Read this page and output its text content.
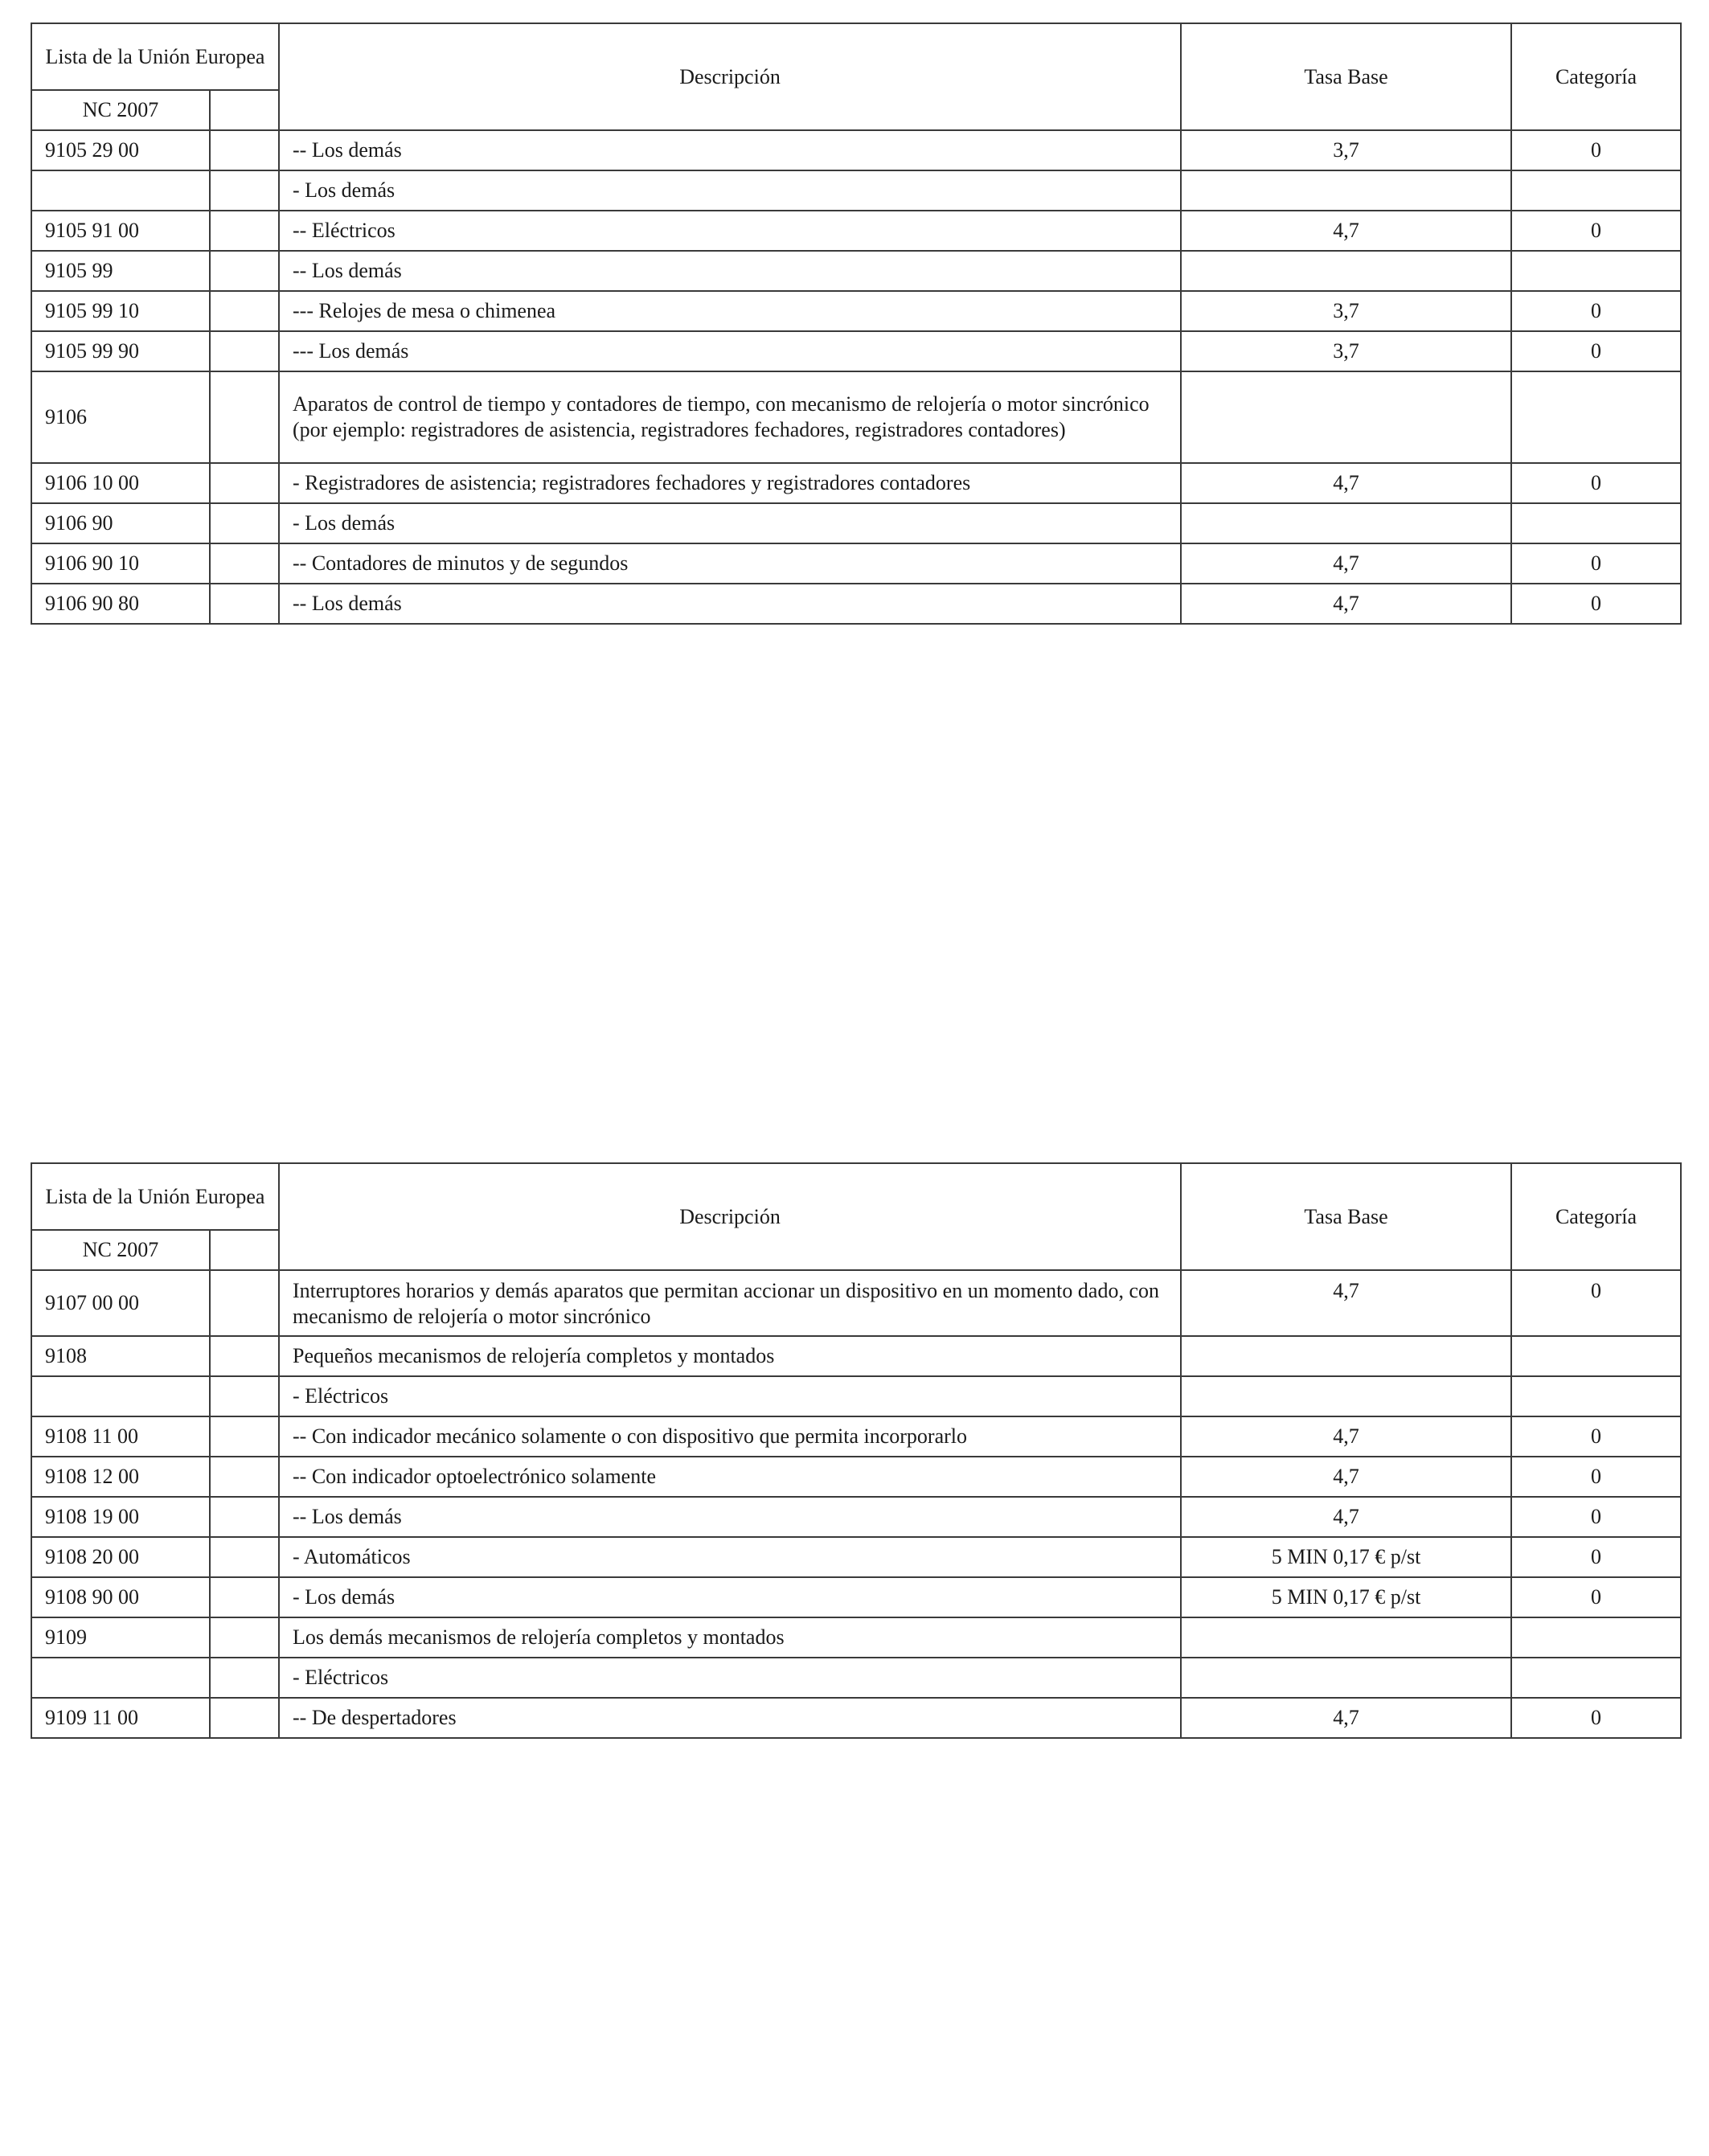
Lista de la Unión Europea		Descripción	Tasa Base	Categoría
NC 2007				
9105 29 00		-- Los demás	3,7	0
		- Los demás		
9105 91 00		-- Eléctricos	4,7	0
9105 99		-- Los demás		
9105 99 10		--- Relojes de mesa o chimenea	3,7	0
9105 99 90		--- Los demás	3,7	0
9106		Aparatos de control de tiempo y contadores de tiempo, con mecanismo de relojería o motor sincrónico (por ejemplo: registradores de asistencia, registradores fechadores, registradores contadores)		
9106 10 00		- Registradores de asistencia; registradores fechadores y registradores contadores	4,7	0
9106 90		- Los demás		
9106 90 10		-- Contadores de minutos y de segundos	4,7	0
9106 90 80		-- Los demás	4,7	0
Lista de la Unión Europea		Descripción	Tasa Base	Categoría
NC 2007				
9107 00 00		Interruptores horarios y demás aparatos que permitan accionar un dispositivo en un momento dado, con mecanismo de relojería o motor sincrónico	4,7	0
9108		Pequeños mecanismos de relojería completos y montados		
		- Eléctricos		
9108 11 00		-- Con indicador mecánico solamente o con dispositivo que permita incorporarlo	4,7	0
9108 12 00		-- Con indicador optoelectrónico solamente	4,7	0
9108 19 00		-- Los demás	4,7	0
9108 20 00		- Automáticos	5 MIN 0,17 € p/st	0
9108 90 00		- Los demás	5 MIN 0,17 € p/st	0
9109		Los demás mecanismos de relojería completos y montados		
		- Eléctricos		
9109 11 00		-- De despertadores	4,7	0
